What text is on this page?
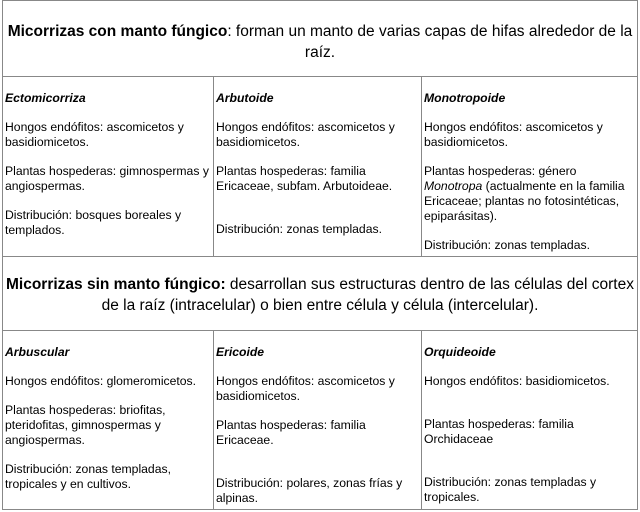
Micorrizas con manto fúngico: forman un manto de varias capas de hifas alrededor de la raíz.
Ectomicorriza

Hongos endófitos: ascomicetos y basidiomicetos.

Plantas hospederas: gimnospermas y angiospermas.

Distribución: bosques boreales y templados.

Arbutoide

Hongos endófitos: ascomicetos y basidiomicetos.

Plantas hospederas: familia Ericaceae, subfam. Arbutoideae.

Distribución: zonas templadas.

Monotropoide

Hongos endófitos: ascomicetos y basidiomicetos.

Plantas hospederas: género
Monotropa (actualmente en la familia Ericaceae; plantas no fotosintéticas, epiparásitas).

Distribución: zonas templadas.

Micorrizas sin manto fúngico: desarrollan sus estructuras dentro de las células del cortex de la raíz (intracelular) o bien entre célula y célula (intercelular).
Arbuscular

Hongos endófitos: glomeromicetos.

Plantas hospederas: briofitas, pteridofitas, gimnospermas y angiospermas.

Distribución: zonas templadas, tropicales y en cultivos.

Ericoide

Hongos endófitos: ascomicetos y basidiomicetos.

Plantas hospederas: familia Ericaceae.

Distribución: polares, zonas frías y alpinas.

Orquideoide

Hongos endófitos: basidiomicetos.

Plantas hospederas: familia Orchidaceae

Distribución: zonas templadas y tropicales.
